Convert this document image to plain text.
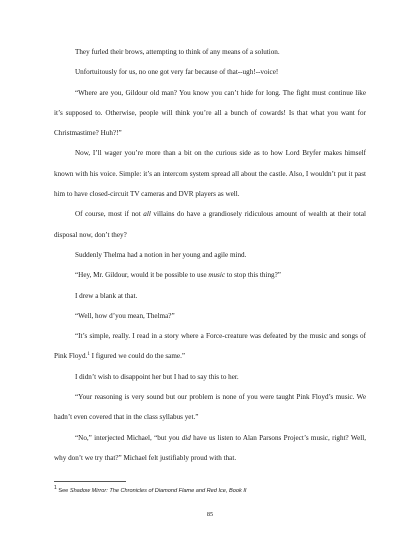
They furled their brows, attempting to think of any means of a solution.

Unfortuitously for us, no one got very far because of that--ugh!--voice!

“Where are you, Gildour old man? You know you can’t hide for long. The fight must continue like it’s supposed to. Otherwise, people will think you’re all a bunch of cowards! Is that what you want for Christmastime? Huh?!”

Now, I’ll wager you’re more than a bit on the curious side as to how Lord Bryfer makes himself known with his voice. Simple: it’s an intercom system spread all about the castle. Also, I wouldn’t put it past him to have closed-circuit TV cameras and DVR players as well.

Of course, most if not all villains do have a grandiosely ridiculous amount of wealth at their total disposal now, don’t they?

Suddenly Thelma had a notion in her young and agile mind.

“Hey, Mr. Gildour, would it be possible to use music to stop this thing?”

I drew a blank at that.

“Well, how d’you mean, Thelma?”

“It’s simple, really. I read in a story where a Force-creature was defeated by the music and songs of Pink Floyd.$^1$ I figured we could do the same.”

I didn’t wish to disappoint her but I had to say this to her.

“Your reasoning is very sound but our problem is none of you were taught Pink Floyd’s music. We hadn’t even covered that in the class syllabus yet.”

“No,” interjected Michael, “but you did have us listen to Alan Parsons Project’s music, right? Well, why don’t we try that?” Michael felt justifiably proud with that.

$^1$ See Shadow Mirror: The Chronicles of Diamond Flame and Red Ice, Book II
85
